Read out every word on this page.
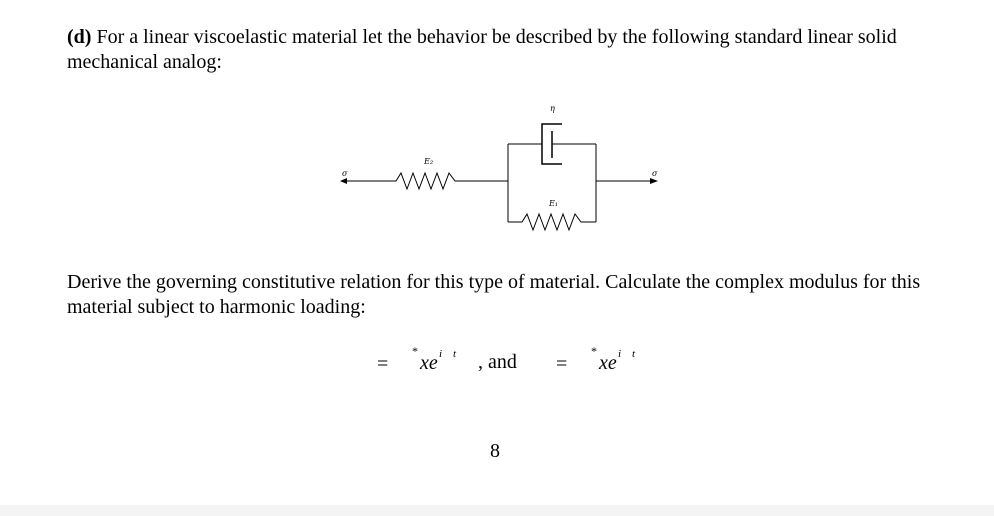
(d) For a linear viscoelastic material let the behavior be described by the following standard linear solid mechanical analog:

σ
E₂
η
E₁
σ

Derive the governing constitutive relation for this type of material. Calculate the complex modulus for this material subject to harmonic loading:

=
*
xe i t , and =
*
xe i t
8
